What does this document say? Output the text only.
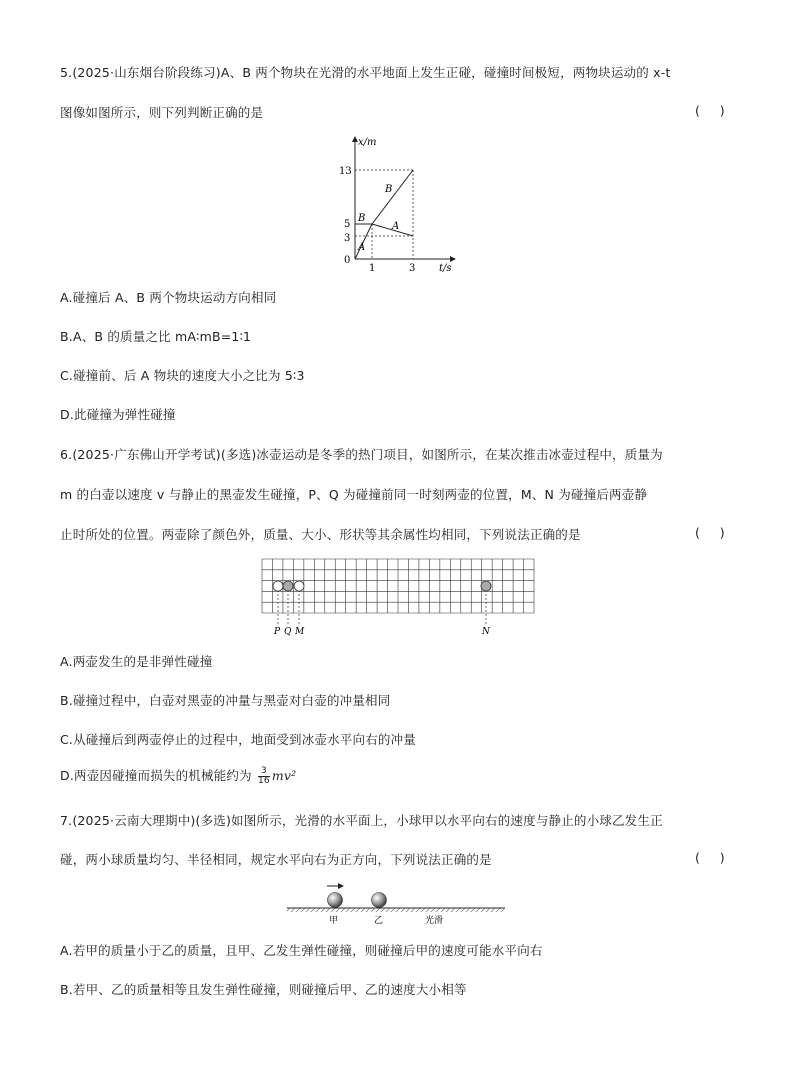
5.(2025·山东烟台阶段练习)A、B 两个物块在光滑的水平地面上发生正碰，碰撞时间极短，两物块运动的 x-t
图像如图所示，则下列判断正确的是	(     )
x/m
t/s
13
5
3
0
1	3
B
B
A
A
A.碰撞后 A、B 两个物块运动方向相同
B.A、B 的质量之比 mA∶mB=1∶1
C.碰撞前、后 A 物块的速度大小之比为 5∶3
D.此碰撞为弹性碰撞
6.(2025·广东佛山开学考试)(多选)冰壶运动是冬季的热门项目，如图所示，在某次推击冰壶过程中，质量为
m 的白壶以速度 v 与静止的黑壶发生碰撞，P、Q 为碰撞前同一时刻两壶的位置，M、N 为碰撞后两壶静
止时所处的位置。两壶除了颜色外，质量、大小、形状等其余属性均相同，下列说法正确的是	(     )
P Q M	N
A.两壶发生的是非弹性碰撞
B.碰撞过程中，白壶对黑壶的冲量与黑壶对白壶的冲量相同
C.从碰撞后到两壶停止的过程中，地面受到冰壶水平向右的冲量
D.两壶因碰撞而损失的机械能约为 $\frac{3}{16} mv^2$
7.(2025·云南大理期中)(多选)如图所示，光滑的水平面上，小球甲以水平向右的速度与静止的小球乙发生正
碰，两小球质量均匀、半径相同，规定水平向右为正方向，下列说法正确的是	(     )
甲	乙	光滑
A.若甲的质量小于乙的质量，且甲、乙发生弹性碰撞，则碰撞后甲的速度可能水平向右
B.若甲、乙的质量相等且发生弹性碰撞，则碰撞后甲、乙的速度大小相等
